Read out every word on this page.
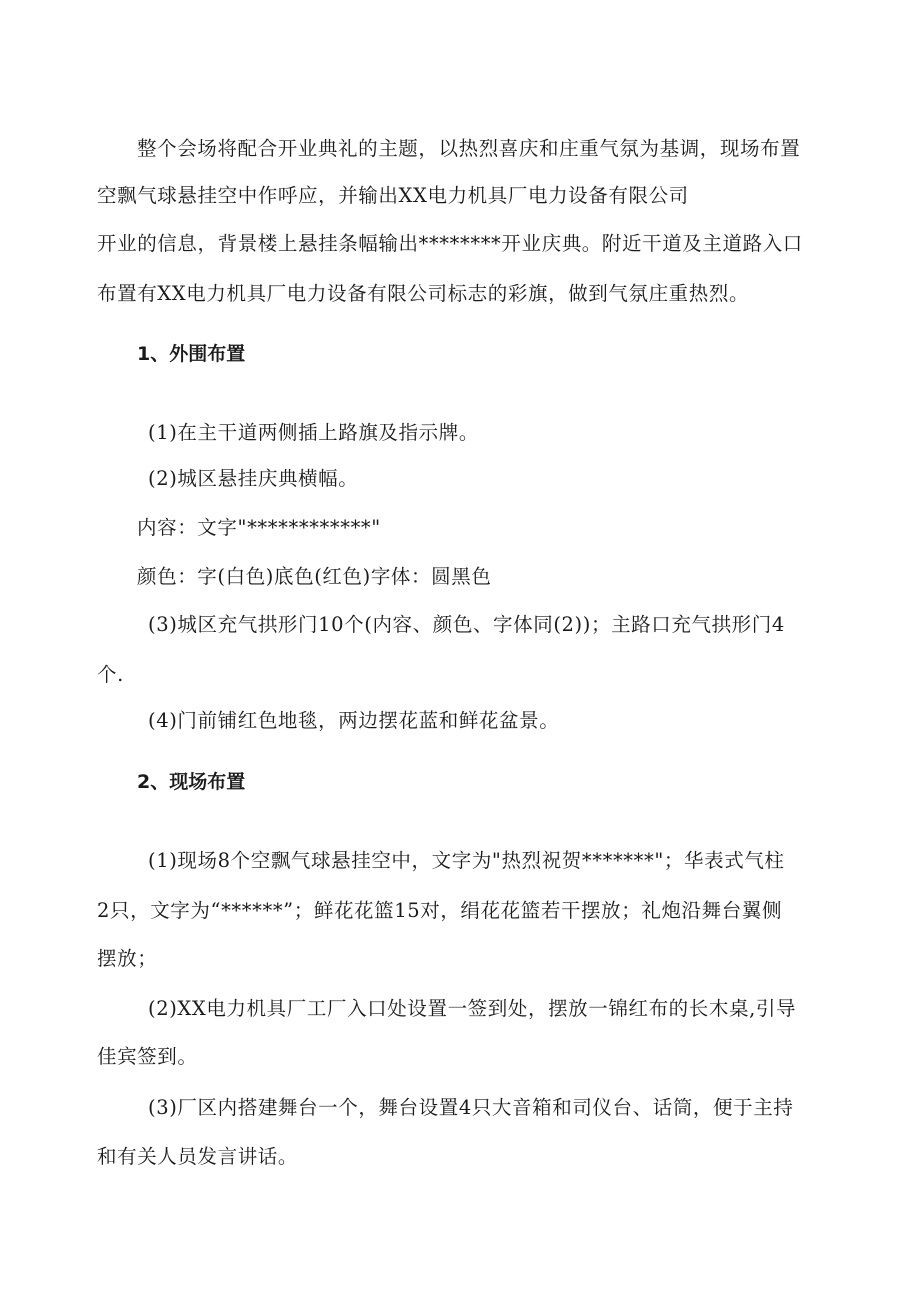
整个会场将配合开业典礼的主题，以热烈喜庆和庄重气氛为基调，现场布置
空飘气球悬挂空中作呼应，并输出XX电力机具厂电力设备有限公司
开业的信息，背景楼上悬挂条幅输出********开业庆典。附近干道及主道路入口
布置有XX电力机具厂电力设备有限公司标志的彩旗，做到气氛庄重热烈。
1、外围布置
(1)在主干道两侧插上路旗及指示牌。
(2)城区悬挂庆典横幅。
内容：文字"************"
颜色：字(白色)底色(红色)字体：圆黑色
(3)城区充气拱形门10个(内容、颜色、字体同(2))；主路口充气拱形门4
个.
(4)门前铺红色地毯，两边摆花蓝和鲜花盆景。
2、现场布置
(1)现场8个空飘气球悬挂空中，文字为"热烈祝贺*******"；华表式气柱
2只，文字为“******”；鲜花花篮15对，绢花花篮若干摆放；礼炮沿舞台翼侧
摆放；
(2)XX电力机具厂工厂入口处设置一签到处，摆放一锦红布的长木桌,引导
佳宾签到。
(3)厂区内搭建舞台一个，舞台设置4只大音箱和司仪台、话筒，便于主持
和有关人员发言讲话。
